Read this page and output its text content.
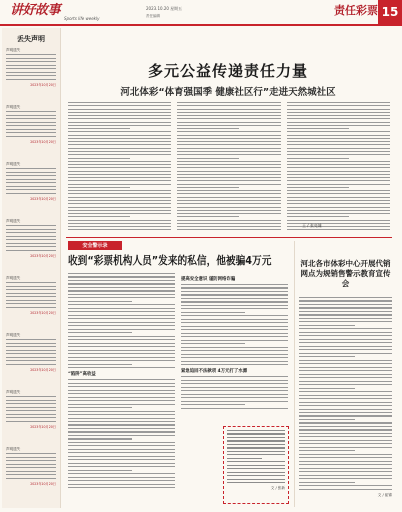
讲好故事
Sports life weekly
2023.10.20 星期五
责任编辑	责任彩票 15
丢失声明
声明遗失
2023年10月20日
声明遗失
2023年10月20日
声明遗失
2023年10月20日
声明遗失
2023年10月20日
声明遗失
2023年10月20日
声明遗失
2023年10月20日
声明遗失
2023年10月20日
声明遗失
2023年10月20日
多元公益传递责任力量
河北体彩“体育强国季 健康社区行”走进天然城社区
王 / 张亮雄
安全警示录
收到“彩票机构人员”发来的私信，他被骗4万元
“陷阱”高收益
提高安全意识 谨防网络诈骗
紧急追回不法款项 4万元打了水漂
文 / 张新
河北各市体彩中心开展代销网点为规销售警示教育宣传会
文 / 崔锦
